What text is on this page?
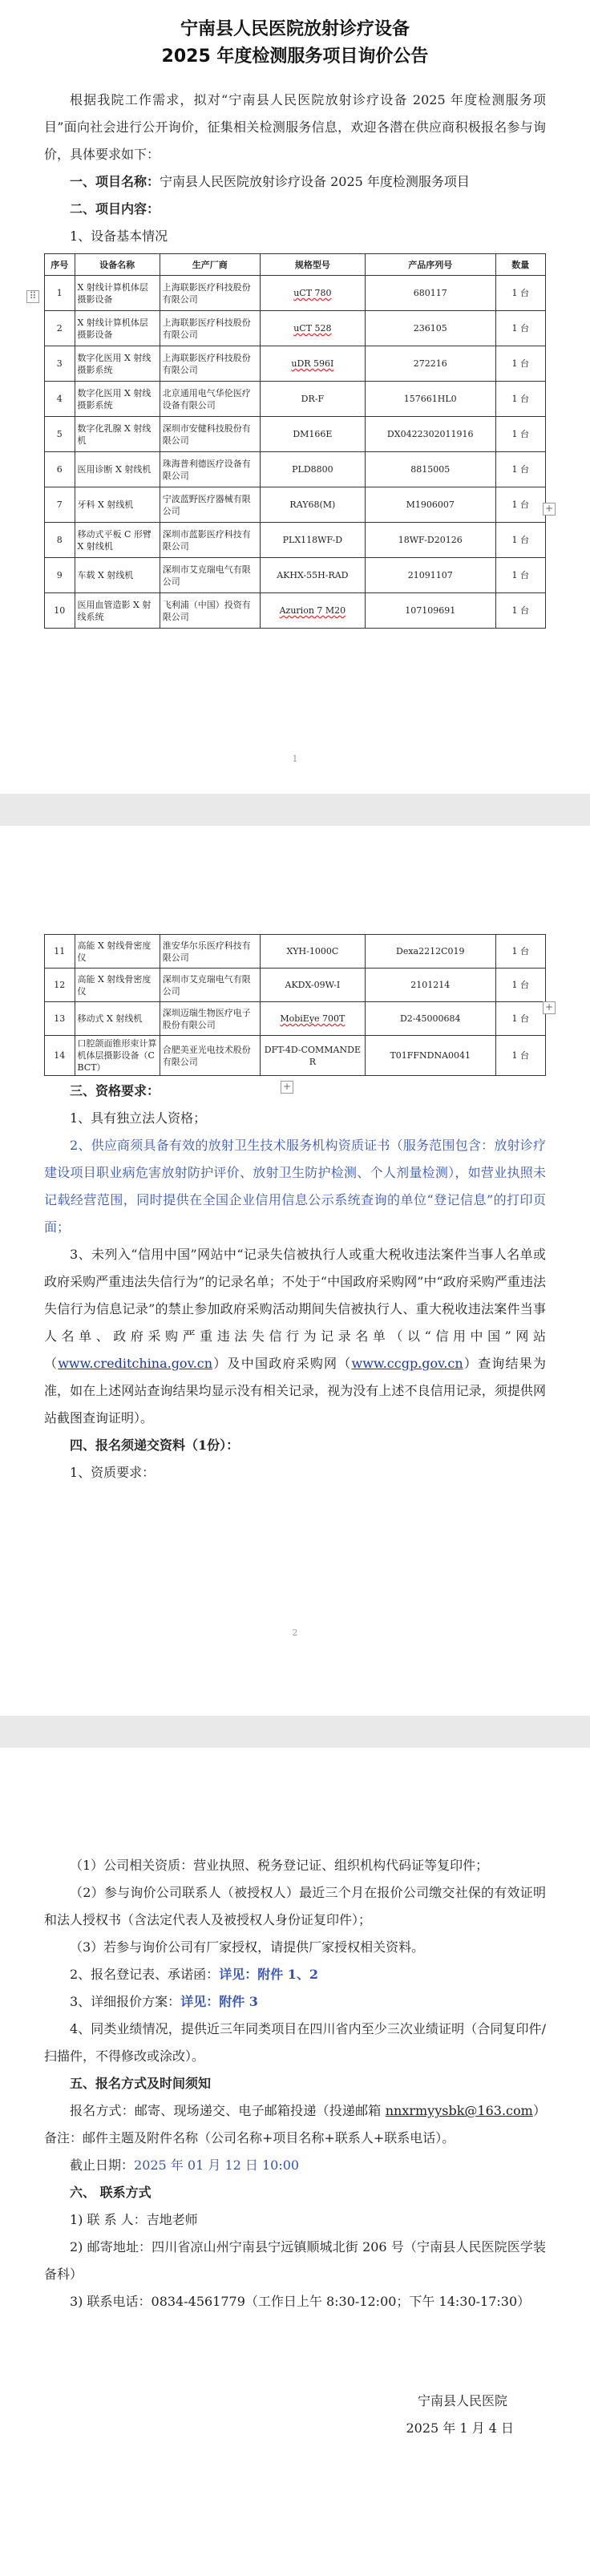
宁南县人民医院放射诊疗设备
2025 年度检测服务项目询价公告

根据我院工作需求，拟对“宁南县人民医院放射诊疗设备 2025 年度检测服务项目”面向社会进行公开询价，征集相关检测服务信息，欢迎各潜在供应商积极报名参与询价，具体要求如下：

一、项目名称：宁南县人民医院放射诊疗设备 2025 年度检测服务项目

二、项目内容：

1、设备基本情况

序号	设备名称	生产厂商	规格型号	产品序列号	数量
1	X 射线计算机体层摄影设备	上海联影医疗科技股份有限公司	uCT 780	680117	1 台
2	X 射线计算机体层摄影设备	上海联影医疗科技股份有限公司	uCT 528	236105	1 台
3	数字化医用 X 射线摄影系统	上海联影医疗科技股份有限公司	uDR 596I	272216	1 台
4	数字化医用 X 射线摄影系统	北京通用电气华伦医疗设备有限公司	DR-F	157661HL0	1 台
5	数字化乳腺 X 射线机	深圳市安健科技股份有限公司	DM166E	DX0422302011916	1 台
6	医用诊断 X 射线机	珠海普利德医疗设备有限公司	PLD8800	8815005	1 台
7	牙科 X 射线机	宁波蓝野医疗器械有限公司	RAY68(M)	M1906007	1 台
8	移动式平板 C 形臂 X 射线机	深圳市蓝影医疗科技有限公司	PLX118WF-D	18WF-D20126	1 台
9	车载 X 射线机	深圳市艾克瑞电气有限公司	AKHX-55H-RAD	21091107	1 台
10	医用血管造影 X 射线系统	飞利浦（中国）投资有限公司	Azurion 7 M20	107109691	1 台
⠿
+
1
11	高能 X 射线骨密度仪	淮安华尔乐医疗科技有限公司	XYH-1000C	Dexa2212C019	1 台
12	高能 X 射线骨密度仪	深圳市艾克瑞电气有限公司	AKDX-09W-I	2101214	1 台
13	移动式 X 射线机	深圳迈瑞生物医疗电子股份有限公司	MobiEye 700T	D2-45000684	1 台
14	口腔颌面锥形束计算机体层摄影设备（CBCT）	合肥美亚光电技术股份有限公司	DFT-4D-COMMANDER	T01FFNDNA0041	1 台

三、资格要求：

1、具有独立法人资格；

2、供应商须具备有效的放射卫生技术服务机构资质证书（服务范围包含：放射诊疗建设项目职业病危害放射防护评价、放射卫生防护检测、个人剂量检测），如营业执照未记载经营范围，同时提供在全国企业信用信息公示系统查询的单位“登记信息”的打印页面；

3、未列入“信用中国”网站中“记录失信被执行人或重大税收违法案件当事人名单或政府采购严重违法失信行为”的记录名单；不处于“中国政府采购网”中“政府采购严重违法失信行为信息记录”的禁止参加政府采购活动期间失信被执行人、重大税收违法案件当事人名单、政府采购严重违法失信行为记录名单（以“信用中国”网站（www.creditchina.gov.cn）及中国政府采购网（www.ccgp.gov.cn）查询结果为准，如在上述网站查询结果均显示没有相关记录，视为没有上述不良信用记录，须提供网站截图查询证明）。

四、报名须递交资料（1份）：

1、资质要求：

+
+
2

（1）公司相关资质：营业执照、税务登记证、组织机构代码证等复印件；

（2）参与询价公司联系人（被授权人）最近三个月在报价公司缴交社保的有效证明和法人授权书（含法定代表人及被授权人身份证复印件）；

（3）若参与询价公司有厂家授权，请提供厂家授权相关资料。

2、报名登记表、承诺函：详见：附件 1、2

3、详细报价方案：详见：附件 3

4、同类业绩情况，提供近三年同类项目在四川省内至少三次业绩证明（合同复印件/扫描件，不得修改或涂改）。

五、报名方式及时间须知

报名方式：邮寄、现场递交、电子邮箱投递（投递邮箱 nnxrmyysbk@163.com）备注：邮件主题及附件名称（公司名称+项目名称+联系人+联系电话）。

截止日期：2025 年 01 月 12 日 10:00

六、 联系方式

1) 联 系 人：吉地老师

2) 邮寄地址：四川省凉山州宁南县宁远镇顺城北街 206 号（宁南县人民医院医学装备科）

3) 联系电话：0834-4561779（工作日上午 8:30-12:00；下午 14:30-17:30）

宁南县人民医院

2025 年 1 月 4 日
